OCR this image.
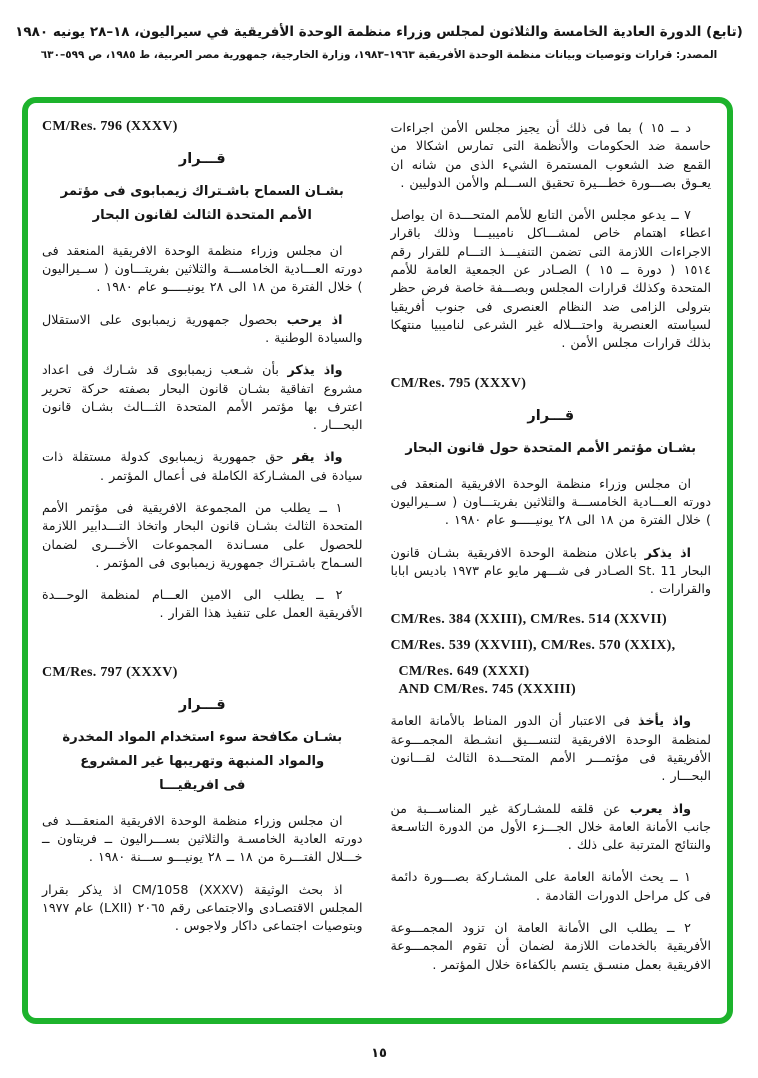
(تابع) الدورة العادية الخامسة والثلاثون لمجلس وزراء منظمة الوحدة الأفريقية في سيراليون، ١٨–٢٨ يونيه ١٩٨٠
المصدر: قرارات وتوصيات وبيانات منظمة الوحدة الأفريقية ١٩٦٣–١٩٨٣، وزارة الخارجية، جمهورية مصر العربية، ط ١٩٨٥، ص ٥٩٩–٦٣٠

د ــ ١٥ ) بما فى ذلك أن يجيز مجلس الأمن اجراءات حاسمة ضد الحكومات والأنظمة التى تمارس اشكالا من القمع ضد الشعوب المستمرة الشيء الذى من شانه ان يعـوق بصـــورة خطـــيرة تحقيق الســـلم والأمن الدوليين .

٧ ــ يدعو مجلس الأمن التابع للأمم المتحـــدة ان يواصل اعطاء اهتمام خاص لمشـــاكل ناميبيـــا وذلك باقرار الاجراءات اللازمة التى تضمن التنفيـــذ التـــام للقرار رقم ١٥١٤ ( دورة ــ ١٥ ) الصـادر عن الجمعية العامة للأمم المتحدة وكذلك قرارات المجلس وبصـــفة خاصة فرض حظر بترولى الزامى ضد النظام العنصرى فى جنوب أفريقيا لسياسته العنصرية واحتـــلاله غير الشرعى لناميبيا منتهكا بذلك قرارات مجلس الأمن .

CM/Res. 795 (XXXV)
قـــرار
بشـان مؤتمر الأمم المتحدة حول قانون البحار

ان مجلس وزراء منظمة الوحدة الافريقية المنعقد فى دورته العـــادية الخامســـة والثلاثين بفريتـــاون ( ســيراليون ) خلال الفترة من ١٨ الى ٢٨ يونيـــــو عام ١٩٨٠ .

اذ يذكر باعلان منظمة الوحدة الافريقية بشـان قانون البحار ‎St. 11‎ الصـادر فى شـــهر مايو عام ١٩٧٣ باديس ابابا والقرارات .

CM/Res. 384 (XXIII), CM/Res. 514 (XXVII)
CM/Res. 539 (XXVIII), CM/Res. 570 (XXIX),
CM/Res. 649 (XXXI)
AND CM/Res. 745 (XXXIII)

واذ يأخذ فى الاعتبار أن الدور المناط بالأمانة العامة لمنظمة الوحدة الافريقية لتنســـيق انشـطة المجمـــوعة الأفريقية فى مؤتمـــر الأمم المتحـــدة الثالث لقـــانون البحـــار .

واذ يعرب عن قلقه للمشـاركة غير المناســـبة من جانب الأمانة العامة خلال الجـــزء الأول من الدورة التاسـعة والنتائج المترتبة على ذلك .

١ ــ يحث الأمانة العامة على المشـاركة بصـــورة دائمة فى كل مراحل الدورات القادمة .

٢ ــ يطلب الى الأمانة العامة ان تزود المجمـــوعة الأفريقية بالخدمات اللازمة لضمان أن تقوم المجمـــوعة الافريقية بعمل منسـق يتسم بالكفاءة خلال المؤتمر .

CM/Res. 796 (XXXV)
قـــرار
بشـان السماح باشـتراك زيمبابوى فى مؤتمر
الأمم المتحدة الثالث لقانون البحار

ان مجلس وزراء منظمة الوحدة الافريقية المنعقد فى دورته العـــادية الخامســـة والثلاثين بفريتـــاون ( ســيراليون ) خلال الفترة من ١٨ الى ٢٨ يونيـــــو عام ١٩٨٠ .

اذ يرحب بحصول جمهورية زيمبابوى على الاستقلال والسيادة الوطنية .

واذ يذكر بأن شـعب زيمبابوى قد شـارك فى اعداد مشروع اتفاقية بشـان قانون البحار بصفته حركة تحرير اعترف بها مؤتمر الأمم المتحدة الثـــالث بشـان قانون البحـــار .

واذ يقر حق جمهورية زيمبابوى كدولة مستقلة ذات سيادة فى المشـاركة الكاملة فى أعمال المؤتمر .

١ ــ يطلب من المجموعة الافريقية فى مؤتمر الأمم المتحدة الثالث بشـان قانون البحار واتخاذ التـــدابير اللازمة للحصول على مسـاندة المجموعات الأخـــرى لضمان السـماح باشـتراك جمهورية زيمبابوى فى المؤتمر .

٢ ــ يطلب الى الامين العـــام لمنظمة الوحـــدة الأفريقية العمل على تنفيذ هذا القرار .

CM/Res. 797 (XXXV)
قـــرار
بشـان مكافحة سوء استخدام المواد المخدرة
والمواد المنبهة وتهريبها غير المشروع
فى افريقيـــا

ان مجلس وزراء منظمة الوحدة الافريقية المنعقـــد فى دورته العادية الخامسـة والثلاثين بســـراليون ــ فريتاون ــ خـــلال الفتـــرة من ١٨ ــ ٢٨ يونيـــو ســـنة ١٩٨٠ .

اذ بحث الوثيقة ‎CM/1058 (XXXV)‎ اذ يذكر بقرار المجلس الاقتصـادى والاجتماعى رقم ٢٠٦٥ ‎(LXII)‎ عام ١٩٧٧ وبتوصيات اجتماعى داكار ولاجوس .

١٥
